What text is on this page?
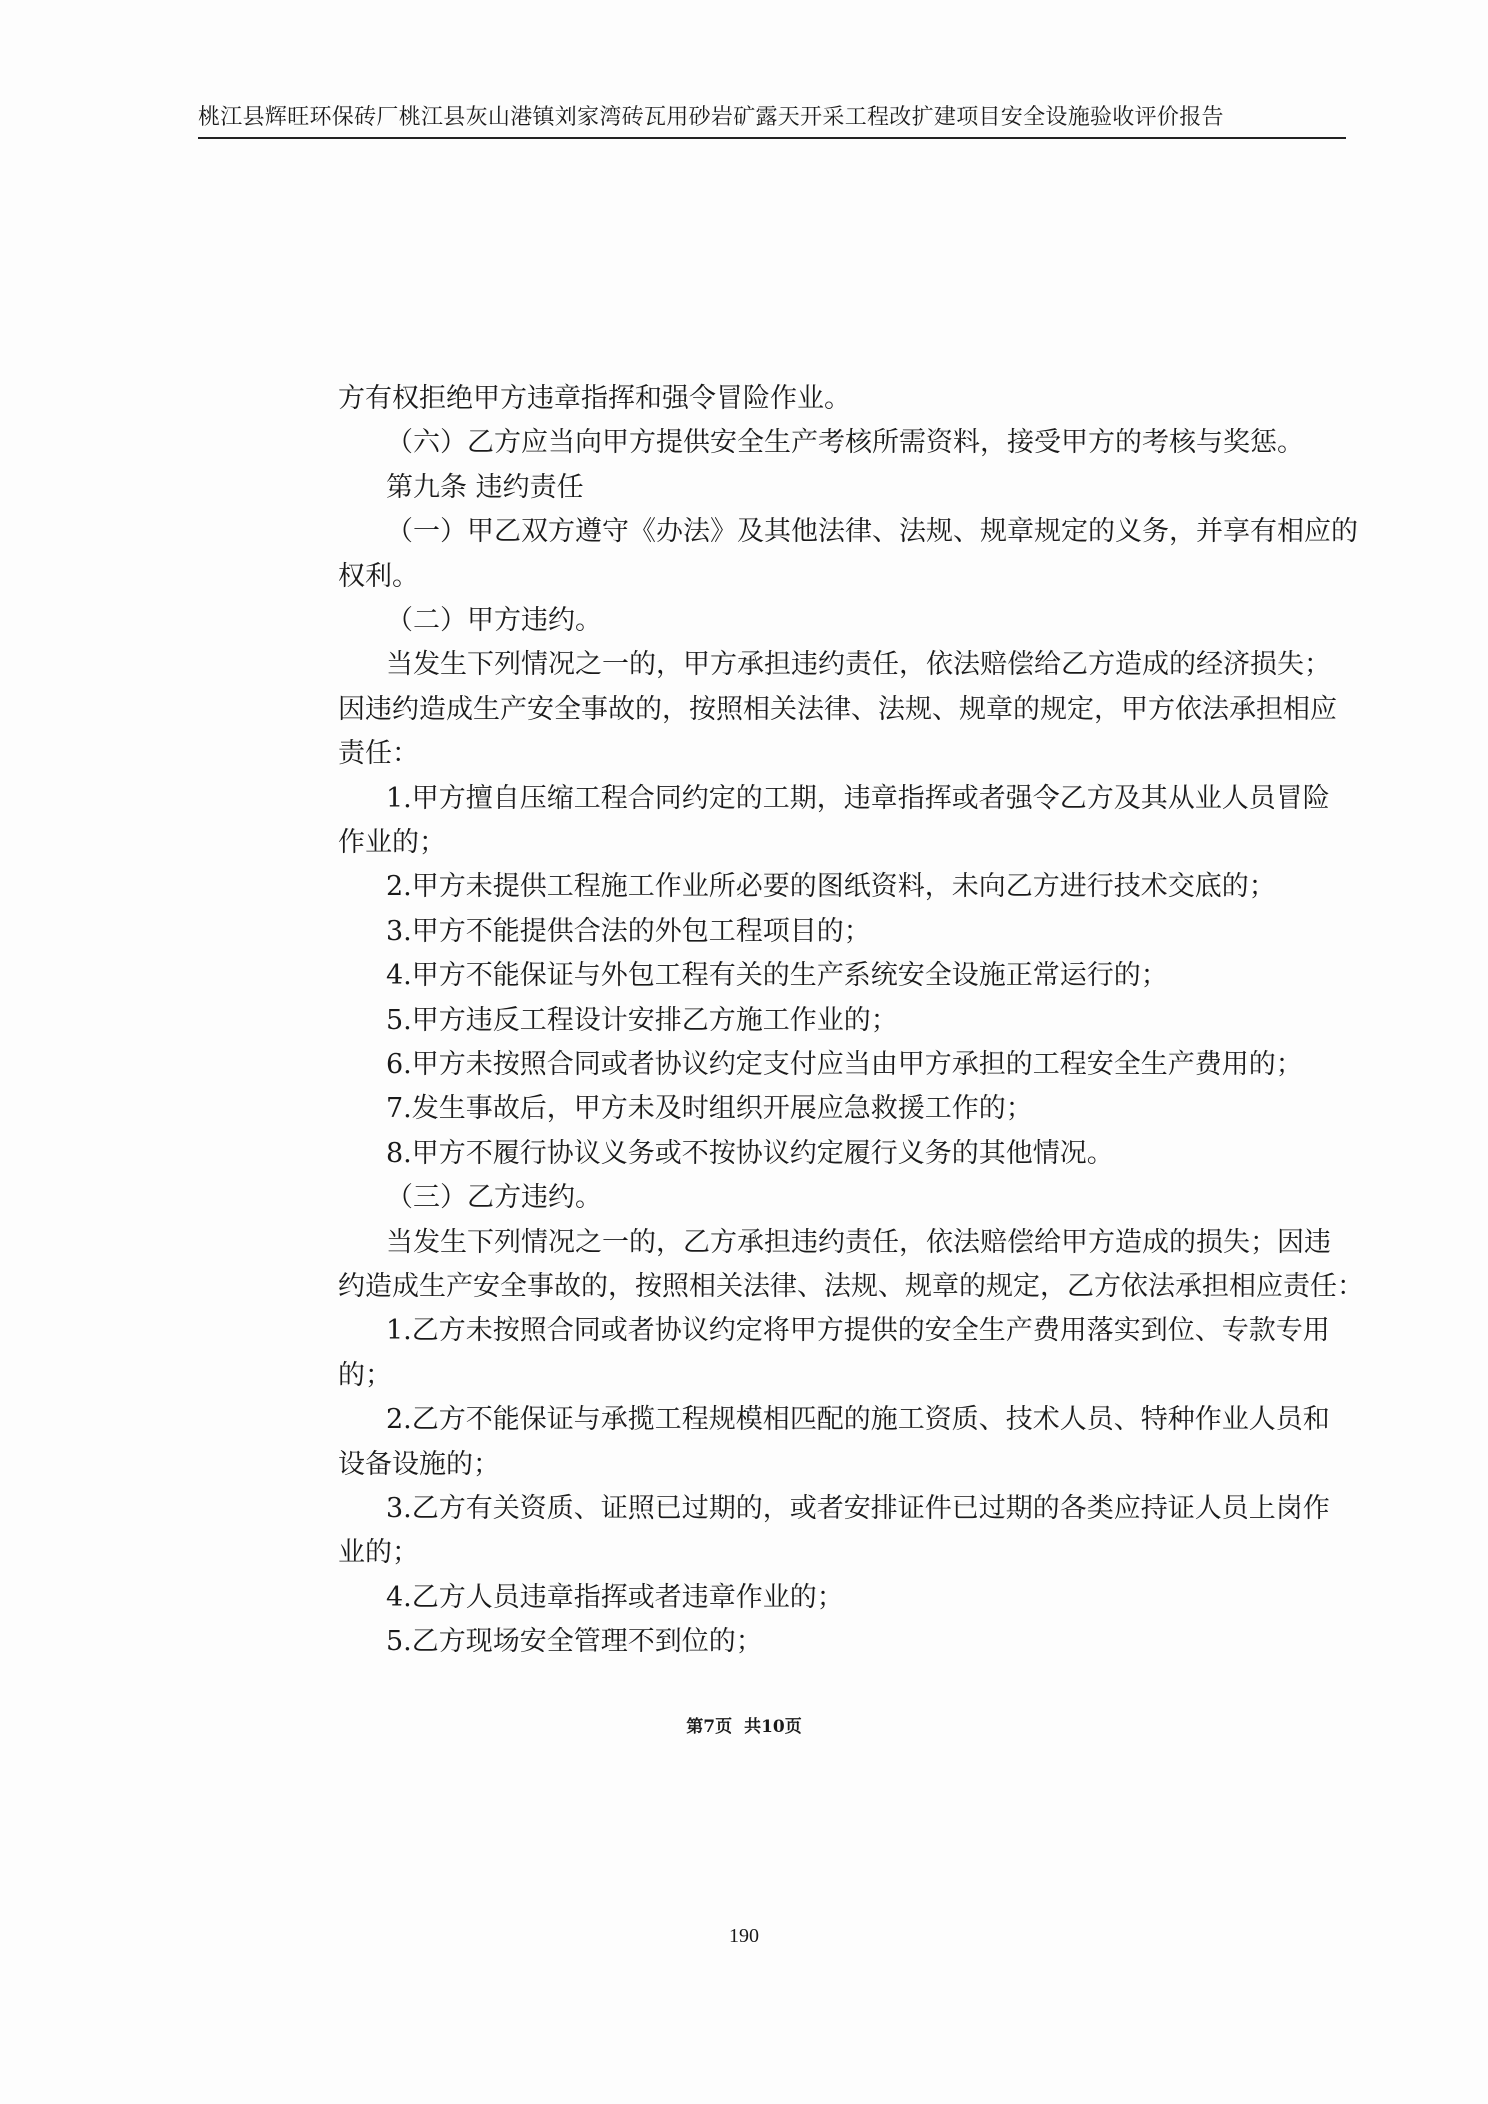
桃江县辉旺环保砖厂桃江县灰山港镇刘家湾砖瓦用砂岩矿露天开采工程改扩建项目安全设施验收评价报告
方有权拒绝甲方违章指挥和强令冒险作业。
（六）乙方应当向甲方提供安全生产考核所需资料，接受甲方的考核与奖惩。
第九条 违约责任
（一）甲乙双方遵守《办法》及其他法律、法规、规章规定的义务，并享有相应的
权利。
（二）甲方违约。
当发生下列情况之一的，甲方承担违约责任，依法赔偿给乙方造成的经济损失；
因违约造成生产安全事故的，按照相关法律、法规、规章的规定，甲方依法承担相应
责任：
1.甲方擅自压缩工程合同约定的工期，违章指挥或者强令乙方及其从业人员冒险
作业的；
2.甲方未提供工程施工作业所必要的图纸资料，未向乙方进行技术交底的；
3.甲方不能提供合法的外包工程项目的；
4.甲方不能保证与外包工程有关的生产系统安全设施正常运行的；
5.甲方违反工程设计安排乙方施工作业的；
6.甲方未按照合同或者协议约定支付应当由甲方承担的工程安全生产费用的；
7.发生事故后，甲方未及时组织开展应急救援工作的；
8.甲方不履行协议义务或不按协议约定履行义务的其他情况。
（三）乙方违约。
当发生下列情况之一的，乙方承担违约责任，依法赔偿给甲方造成的损失；因违
约造成生产安全事故的，按照相关法律、法规、规章的规定，乙方依法承担相应责任：
1.乙方未按照合同或者协议约定将甲方提供的安全生产费用落实到位、专款专用
的；
2.乙方不能保证与承揽工程规模相匹配的施工资质、技术人员、特种作业人员和
设备设施的；
3.乙方有关资质、证照已过期的，或者安排证件已过期的各类应持证人员上岗作
业的；
4.乙方人员违章指挥或者违章作业的；
5.乙方现场安全管理不到位的；
第7页 共10页
190
